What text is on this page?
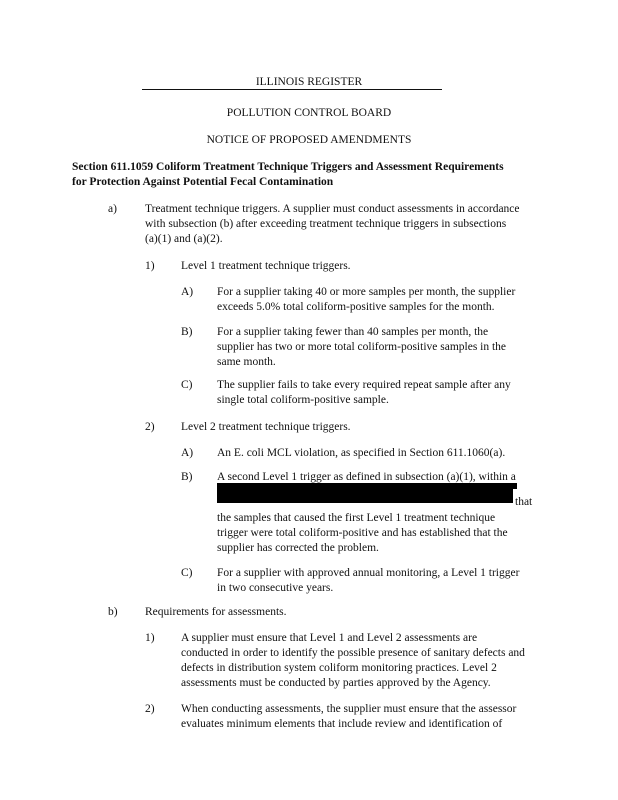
ILLINOIS REGISTER
POLLUTION CONTROL BOARD
NOTICE OF PROPOSED AMENDMENTS
Section 611.1059 Coliform Treatment Technique Triggers and Assessment Requirements
for Protection Against Potential Fecal Contamination
a) Treatment technique triggers. A supplier must conduct assessments in accordance
with subsection (b) after exceeding treatment technique triggers in subsections
(a)(1) and (a)(2).
1) Level 1 treatment technique triggers.
A) For a supplier taking 40 or more samples per month, the supplier
exceeds 5.0% total coliform-positive samples for the month.
B) For a supplier taking fewer than 40 samples per month, the
supplier has two or more total coliform-positive samples in the
same month.
C) The supplier fails to take every required repeat sample after any
single total coliform-positive sample.
2) Level 2 treatment technique triggers.
A) An E. coli MCL violation, as specified in Section 611.1060(a).
B) A second Level 1 trigger as defined in subsection (a)(1), within a
that
the samples that caused the first Level 1 treatment technique
trigger were total coliform-positive and has established that the
supplier has corrected the problem.
C) For a supplier with approved annual monitoring, a Level 1 trigger
in two consecutive years.
b) Requirements for assessments.
1) A supplier must ensure that Level 1 and Level 2 assessments are
conducted in order to identify the possible presence of sanitary defects and
defects in distribution system coliform monitoring practices. Level 2
assessments must be conducted by parties approved by the Agency.
2) When conducting assessments, the supplier must ensure that the assessor
evaluates minimum elements that include review and identification of
